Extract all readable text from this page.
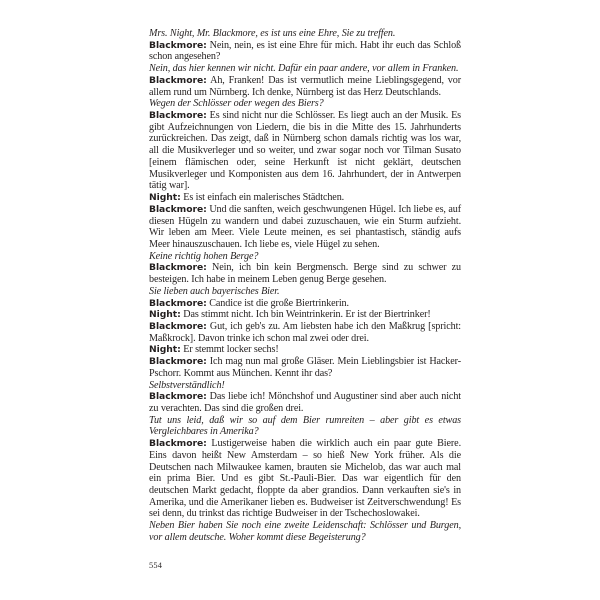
Mrs. Night, Mr. Blackmore, es ist uns eine Ehre, Sie zu treffen.

Blackmore: Nein, nein, es ist eine Ehre für mich. Habt ihr euch das Schloß schon angesehen?

Nein, das hier kennen wir nicht. Dafür ein paar andere, vor allem in Franken.

Blackmore: Ah, Franken! Das ist vermutlich meine Lieblingsgegend, vor allem rund um Nürnberg. Ich denke, Nürnberg ist das Herz Deutschlands.

Wegen der Schlösser oder wegen des Biers?

Blackmore: Es sind nicht nur die Schlösser. Es liegt auch an der Musik. Es gibt Aufzeichnungen von Liedern, die bis in die Mitte des 15. Jahrhunderts zurückreichen. Das zeigt, daß in Nürnberg schon damals richtig was los war, all die Musikverleger und so weiter, und zwar sogar noch vor Tilman Susato [einem flämischen oder, seine Herkunft ist nicht geklärt, deutschen Musikverleger und Komponisten aus dem 16. Jahrhundert, der in Antwerpen tätig war].

Night: Es ist einfach ein malerisches Städtchen.

Blackmore: Und die sanften, weich geschwungenen Hügel. Ich liebe es, auf diesen Hügeln zu wandern und dabei zuzuschauen, wie ein Sturm aufzieht. Wir leben am Meer. Viele Leute meinen, es sei phantastisch, ständig aufs Meer hinauszuschauen. Ich liebe es, viele Hügel zu sehen.

Keine richtig hohen Berge?

Blackmore: Nein, ich bin kein Bergmensch. Berge sind zu schwer zu besteigen. Ich habe in meinem Leben genug Berge gesehen.

Sie lieben auch bayerisches Bier.

Blackmore: Candice ist die große Biertrinkerin.

Night: Das stimmt nicht. Ich bin Weintrinkerin. Er ist der Biertrinker!

Blackmore: Gut, ich geb's zu. Am liebsten habe ich den Maßkrug [spricht: Maßkrock]. Davon trinke ich schon mal zwei oder drei.

Night: Er stemmt locker sechs!

Blackmore: Ich mag nun mal große Gläser. Mein Lieblingsbier ist Hacker-Pschorr. Kommt aus München. Kennt ihr das?

Selbstverständlich!

Blackmore: Das liebe ich! Mönchshof und Augustiner sind aber auch nicht zu verachten. Das sind die großen drei.

Tut uns leid, daß wir so auf dem Bier rumreiten – aber gibt es etwas Vergleichbares in Amerika?

Blackmore: Lustigerweise haben die wirklich auch ein paar gute Biere. Eins davon heißt New Amsterdam – so hieß New York früher. Als die Deutschen nach Milwaukee kamen, brauten sie Michelob, das war auch mal ein prima Bier. Und es gibt St.-Pauli-Bier. Das war eigentlich für den deutschen Markt gedacht, floppte da aber grandios. Dann verkauften sie's in Amerika, und die Amerikaner lieben es. Budweiser ist Zeitverschwendung! Es sei denn, du trinkst das richtige Budweiser in der Tschechoslowakei.

Neben Bier haben Sie noch eine zweite Leidenschaft: Schlösser und Burgen, vor allem deutsche. Woher kommt diese Begeisterung?

554
